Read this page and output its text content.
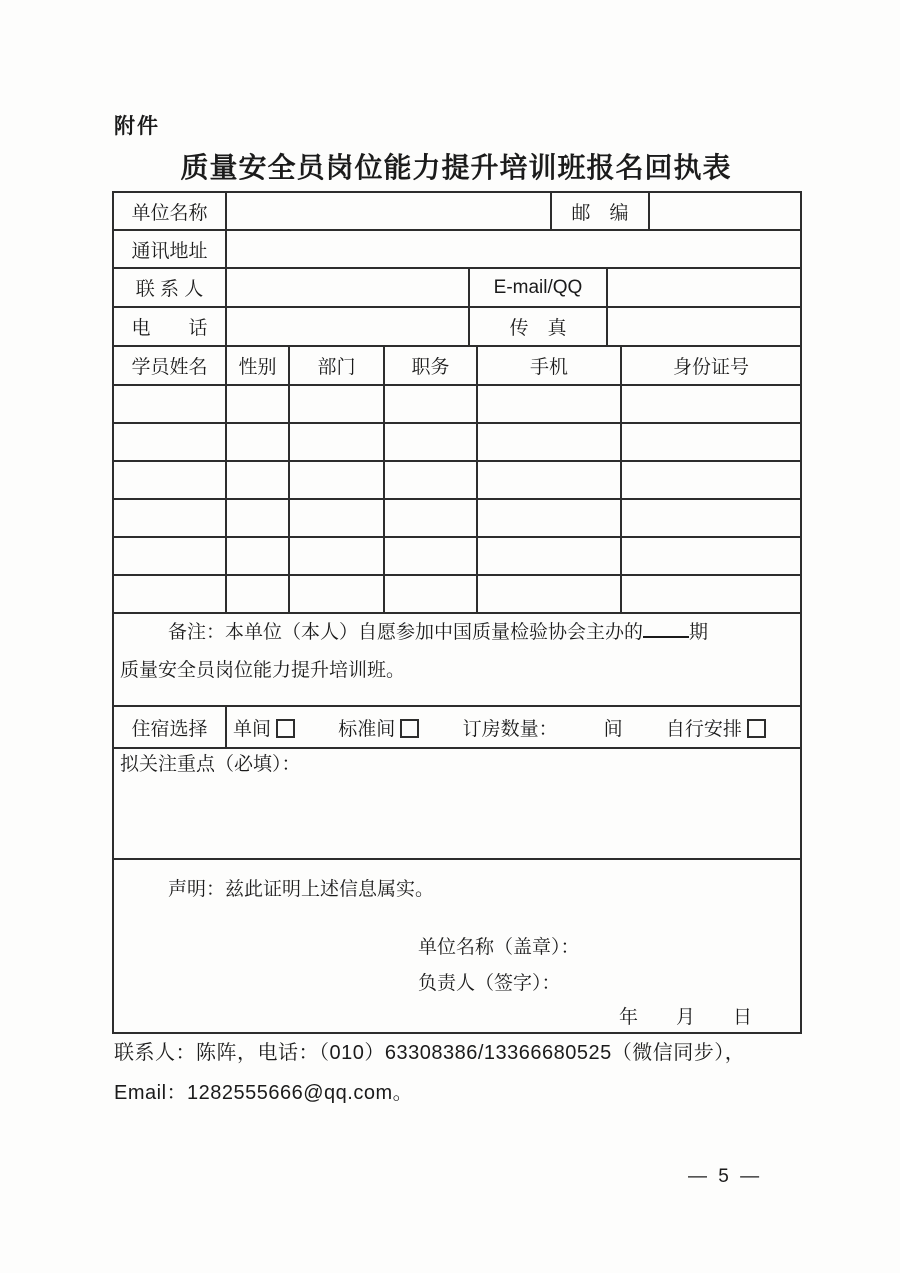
附件
质量安全员岗位能力提升培训班报名回执表
单位名称						邮　编			
通讯地址									
联 系 人				E-mail/QQ					
电　　话				传　真					
学员姓名	性别	部门	职务		手机			身份证号	

备注：本单位（本人）自愿参加中国质量检验协会主办的 期
质量安全员岗位能力提升培训班。									

住宿选择	单间 标准间 订房数量： 间 自行安排								
拟关注重点（必填）：									

声明：兹此证明上述信息属实。

单位名称（盖章）：

负责人（签字）：

年　　月　　日									

联系人：陈阵，电话：（010）63308386/13366680525（微信同步），
Email：1282555666@qq.com。
— 5 —
